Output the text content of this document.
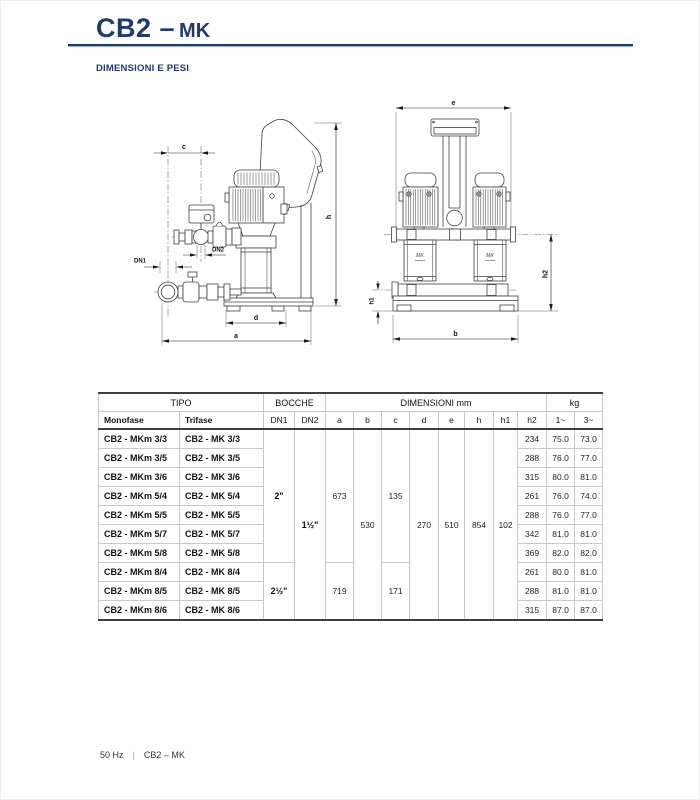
CB2 – MK
DIMENSIONI E PESI
c
DN2
DN1
h
d
a
e
MK	MK
h2
h1
b
TIPO		BOCCHE		DIMENSIONI mm								kg	
Monofase	Trifase	DN1	DN2	a	b	c	d	e	h	h1	h2	1~	3~
CB2 - MKm 3/3	CB2 - MK 3/3	2"	1½"	673	530	135	270	510	854	102	234	75.0	73.0
CB2 - MKm 3/5	CB2 - MK 3/5										288	76.0	77.0
CB2 - MKm 3/6	CB2 - MK 3/6										315	80.0	81.0
CB2 - MKm 5/4	CB2 - MK 5/4										261	76.0	74.0
CB2 - MKm 5/5	CB2 - MK 5/5										288	76.0	77.0
CB2 - MKm 5/7	CB2 - MK 5/7										342	81.0	81.0
CB2 - MKm 5/8	CB2 - MK 5/8										369	82.0	82.0
CB2 - MKm 8/4	CB2 - MK 8/4	2½"		719		171					261	80.0	81.0
CB2 - MKm 8/5	CB2 - MK 8/5										288	81.0	81.0
CB2 - MKm 8/6	CB2 - MK 8/6										315	87.0	87.0
50 Hz | CB2 – MK
